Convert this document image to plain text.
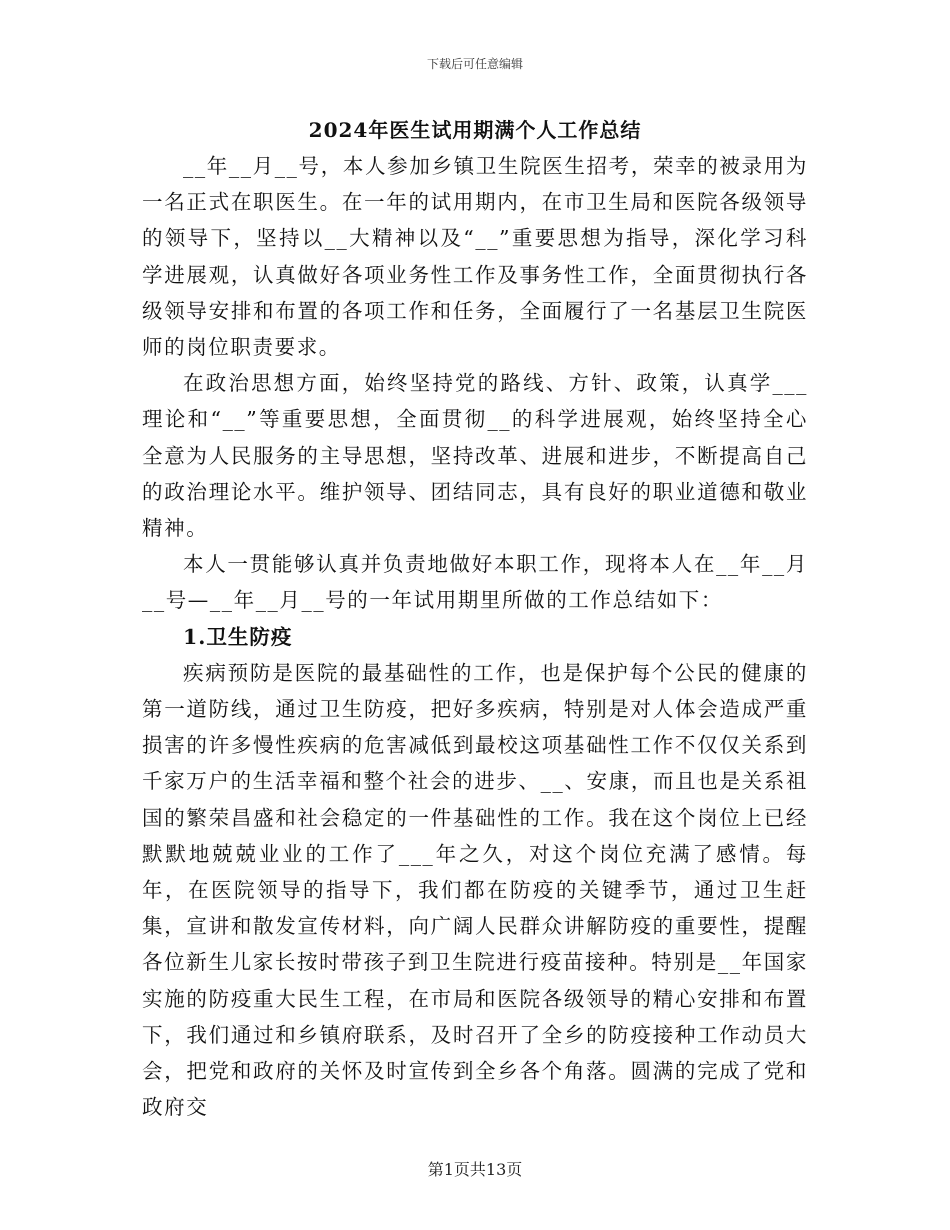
下载后可任意编辑
2024年医生试用期满个人工作总结

__年__月__号，本人参加乡镇卫生院医生招考，荣幸的被录用为一名正式在职医生。在一年的试用期内，在市卫生局和医院各级领导的领导下，坚持以__大精神以及“__”重要思想为指导，深化学习科学进展观，认真做好各项业务性工作及事务性工作，全面贯彻执行各级领导安排和布置的各项工作和任务，全面履行了一名基层卫生院医师的岗位职责要求。

在政治思想方面，始终坚持党的路线、方针、政策，认真学___理论和“__”等重要思想，全面贯彻__的科学进展观，始终坚持全心全意为人民服务的主导思想，坚持改革、进展和进步，不断提高自己的政治理论水平。维护领导、团结同志，具有良好的职业道德和敬业精神。

本人一贯能够认真并负责地做好本职工作，现将本人在__年__月__号—__年__月__号的一年试用期里所做的工作总结如下：

1.卫生防疫

疾病预防是医院的最基础性的工作，也是保护每个公民的健康的第一道防线，通过卫生防疫，把好多疾病，特别是对人体会造成严重损害的许多慢性疾病的危害减低到最校这项基础性工作不仅仅关系到千家万户的生活幸福和整个社会的进步、__、安康，而且也是关系祖国的繁荣昌盛和社会稳定的一件基础性的工作。我在这个岗位上已经默默地兢兢业业的工作了___年之久，对这个岗位充满了感情。每年，在医院领导的指导下，我们都在防疫的关键季节，通过卫生赶集，宣讲和散发宣传材料，向广阔人民群众讲解防疫的重要性，提醒各位新生儿家长按时带孩子到卫生院进行疫苗接种。特别是__年国家实施的防疫重大民生工程，在市局和医院各级领导的精心安排和布置下，我们通过和乡镇府联系，及时召开了全乡的防疫接种工作动员大会，把党和政府的关怀及时宣传到全乡各个角落。圆满的完成了党和政府交

第1页共13页
